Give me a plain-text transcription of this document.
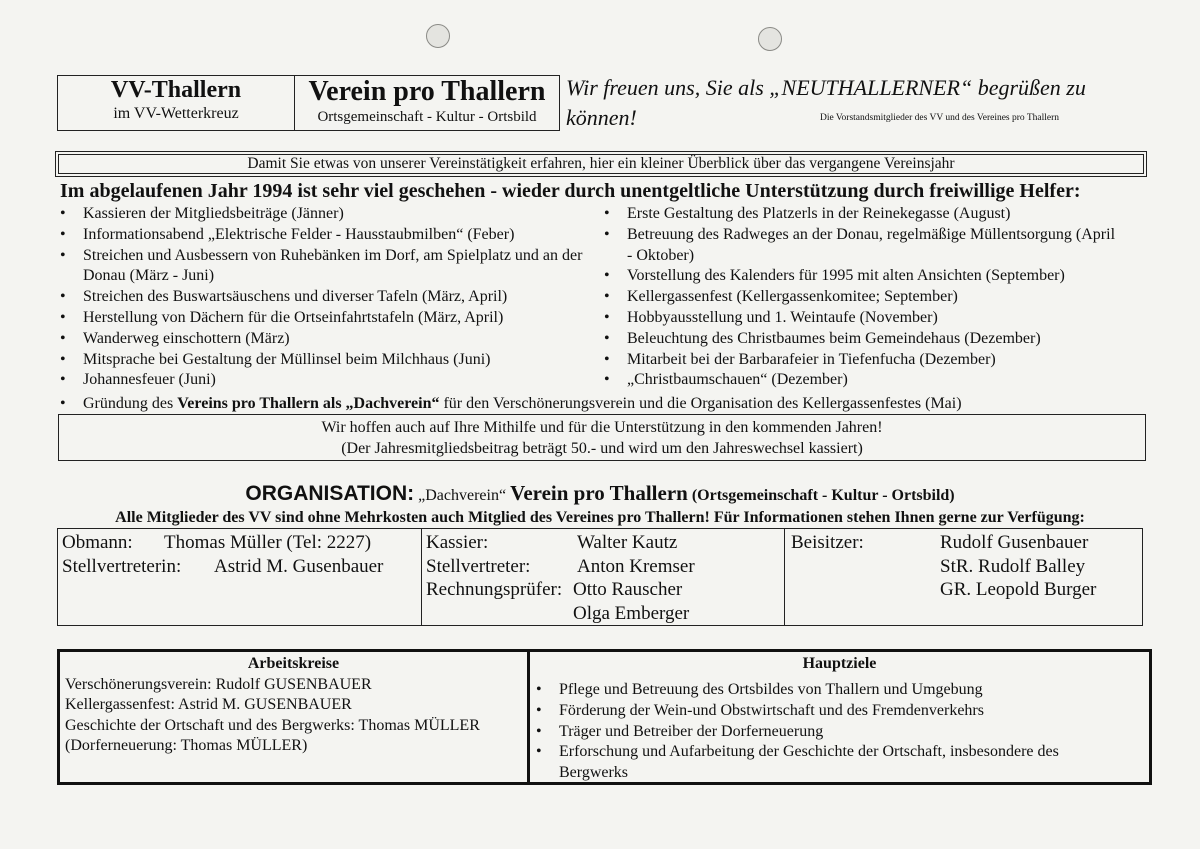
VV-Thallern
im VV-Wetterkreuz
Verein pro Thallern
Ortsgemeinschaft - Kultur - Ortsbild
Wir freuen uns, Sie als „NEUTHALLERNER“ begrüßen zu
können!	Die Vorstandsmitglieder des VV und des Vereines pro Thallern
Damit Sie etwas von unserer Vereinstätigkeit erfahren, hier ein kleiner Überblick über das vergangene Vereinsjahr
Im abgelaufenen Jahr 1994 ist sehr viel geschehen - wieder durch unentgeltliche Unterstützung durch freiwillige Helfer:
• Kassieren der Mitgliedsbeiträge (Jänner)
• Informationsabend „Elektrische Felder - Hausstaubmilben“ (Feber)
• Streichen und Ausbessern von Ruhebänken im Dorf, am Spielplatz und an der Donau (März - Juni)
• Streichen des Buswartsäuschens und diverser Tafeln (März, April)
• Herstellung von Dächern für die Ortseinfahrtstafeln (März, April)
• Wanderweg einschottern (März)
• Mitsprache bei Gestaltung der Müllinsel beim Milchhaus (Juni)
• Johannesfeuer (Juni)
• Erste Gestaltung des Platzerls in der Reinekegasse (August)
• Betreuung des Radweges an der Donau, regelmäßige Müllentsorgung (April - Oktober)
• Vorstellung des Kalenders für 1995 mit alten Ansichten (September)
• Kellergassenfest (Kellergassenkomitee; September)
• Hobbyausstellung und 1. Weintaufe (November)
• Beleuchtung des Christbaumes beim Gemeindehaus (Dezember)
• Mitarbeit bei der Barbarafeier in Tiefenfucha (Dezember)
• „Christbaumschauen“ (Dezember)
• Gründung des Vereins pro Thallern als „Dachverein“ für den Verschönerungsverein und die Organisation des Kellergassenfestes (Mai)
Wir hoffen auch auf Ihre Mithilfe und für die Unterstützung in den kommenden Jahren!
(Der Jahresmitgliedsbeitrag beträgt 50.- und wird um den Jahreswechsel kassiert)
ORGANISATION: „Dachverein“ Verein pro Thallern (Ortsgemeinschaft - Kultur - Ortsbild)
Alle Mitglieder des VV sind ohne Mehrkosten auch Mitglied des Vereines pro Thallern! Für Informationen stehen Ihnen gerne zur Verfügung:
Obmann: Thomas Müller (Tel: 2227)
Stellvertreterin: Astrid M. Gusenbauer
Kassier:	Walter Kautz
Stellvertreter: Anton Kremser
Rechnungsprüfer: Otto Rauscher
Olga Emberger
Beisitzer:	Rudolf Gusenbauer
StR. Rudolf Balley
GR. Leopold Burger
Arbeitskreise
Verschönerungsverein: Rudolf GUSENBAUER
Kellergassenfest: Astrid M. GUSENBAUER
Geschichte der Ortschaft und des Bergwerks: Thomas MÜLLER
(Dorferneuerung: Thomas MÜLLER)
Hauptziele
• Pflege und Betreuung des Ortsbildes von Thallern und Umgebung
• Förderung der Wein-und Obstwirtschaft und des Fremdenverkehrs
• Träger und Betreiber der Dorferneuerung
• Erforschung und Aufarbeitung der Geschichte der Ortschaft, insbesondere des Bergwerks
